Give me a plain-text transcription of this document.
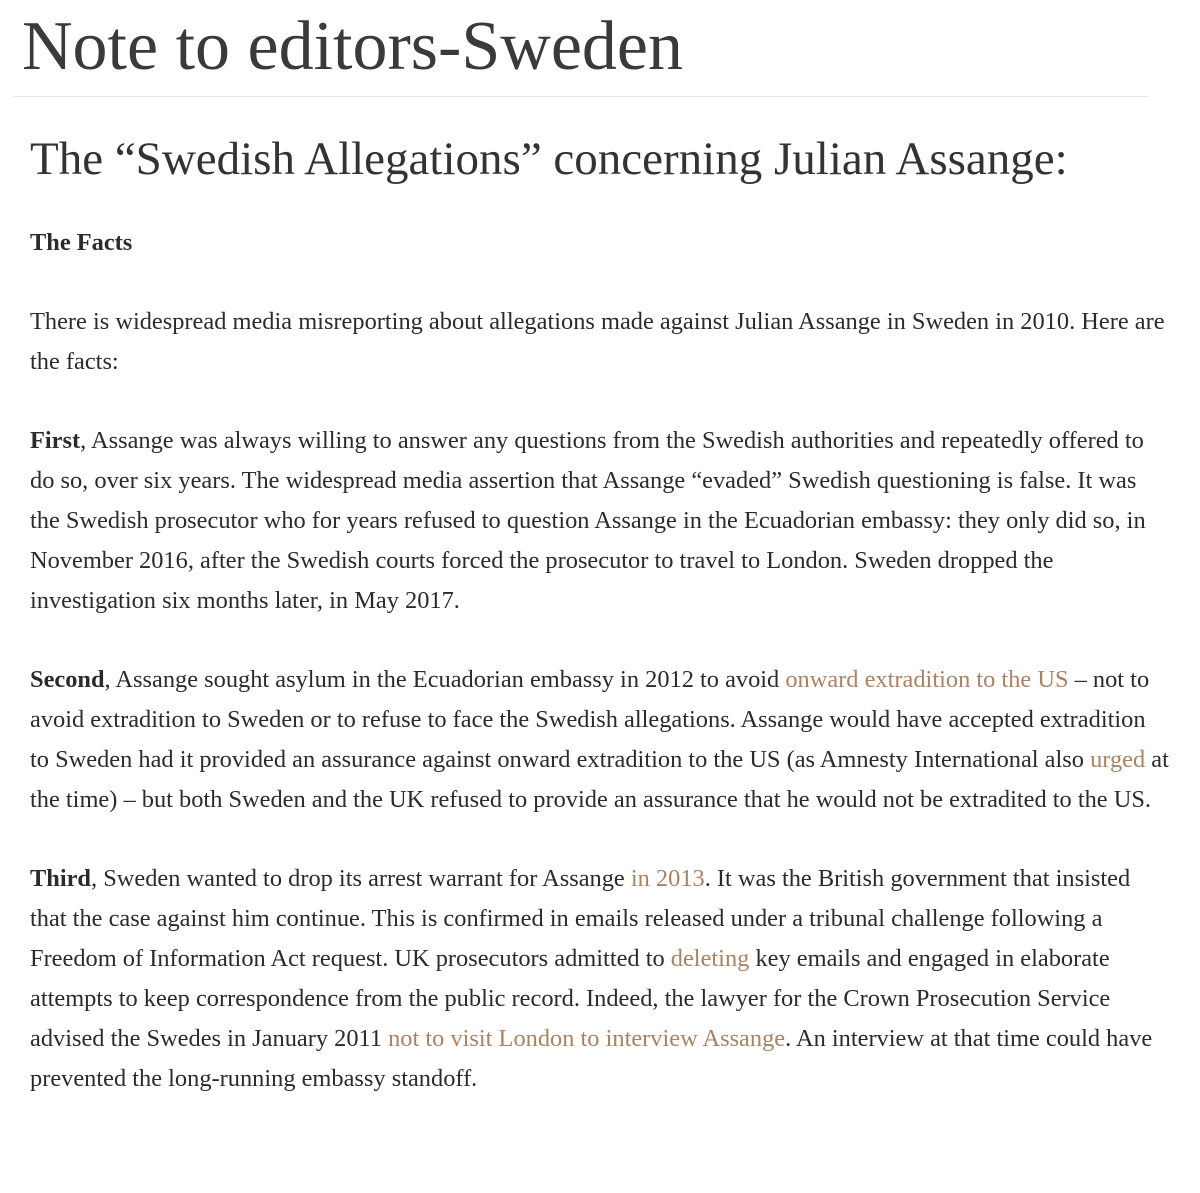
Note to editors-Sweden
The “Swedish Allegations” concerning Julian Assange:

The Facts

There is widespread media misreporting about allegations made against Julian Assange in Sweden in 2010. Here are the facts:

First, Assange was always willing to answer any questions from the Swedish authorities and repeatedly offered to do so, over six years. The widespread media assertion that Assange “evaded” Swedish questioning is false. It was the Swedish prosecutor who for years refused to question Assange in the Ecuadorian embassy: they only did so, in November 2016, after the Swedish courts forced the prosecutor to travel to London. Sweden dropped the investigation six months later, in May 2017.

Second, Assange sought asylum in the Ecuadorian embassy in 2012 to avoid onward extradition to the US – not to avoid extradition to Sweden or to refuse to face the Swedish allegations. Assange would have accepted extradition to Sweden had it provided an assurance against onward extradition to the US (as Amnesty International also urged at the time) – but both Sweden and the UK refused to provide an assurance that he would not be extradited to the US.

Third, Sweden wanted to drop its arrest warrant for Assange in 2013. It was the British government that insisted that the case against him continue. This is confirmed in emails released under a tribunal challenge following a Freedom of Information Act request. UK prosecutors admitted to deleting key emails and engaged in elaborate attempts to keep correspondence from the public record. Indeed, the lawyer for the Crown Prosecution Service advised the Swedes in January 2011 not to visit London to interview Assange. An interview at that time could have prevented the long-running embassy standoff.
